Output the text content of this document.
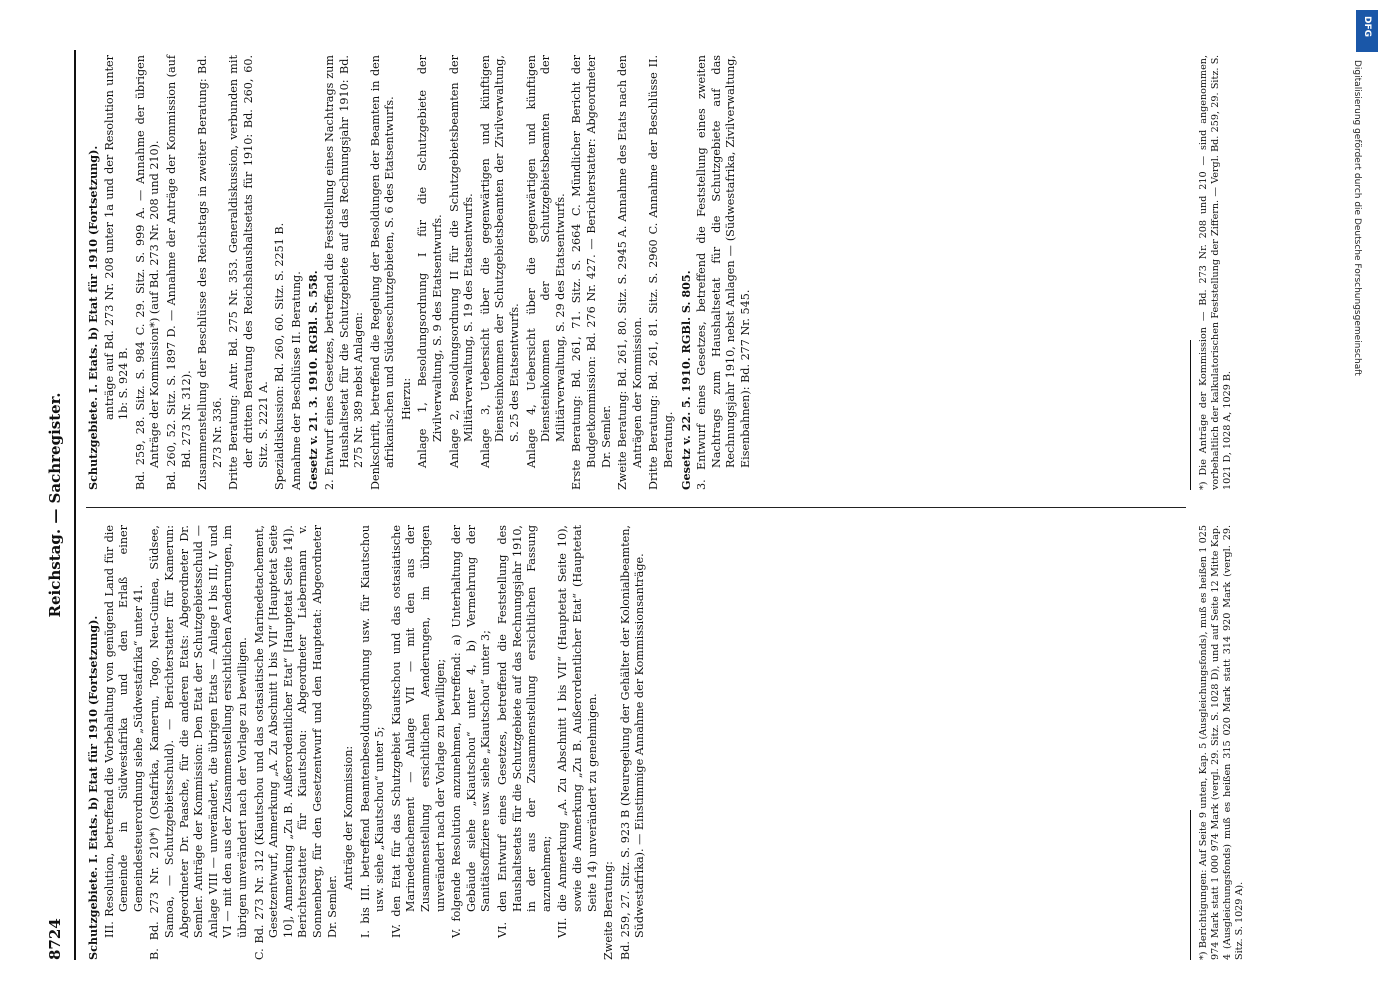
8724
Reichstag. — Sachregister.
Schutzgebiete. I. Etats. b) Etat für 1910 (Fortsetzung). III. Resolution, betreffend die Vorbehaltung von genügend Land für die Gemeinde in Südwestafrika und den Erlaß einer Gemeindesteuerordnung siehe „Südwestafrika“ unter 41. B. Bd. 273 Nr. 210*) (Ostafrika, Kamerun, Togo, Neu-Guinea, Südsee, Samoa, — Schutzgebietsschuld). — Berichterstatter für Kamerun: Abgeordneter Dr. Paasche, für die anderen Etats: Abgeordneter Dr. Semler. Anträge der Kommission: Den Etat der Schutzgebietsschuld — Anlage VIII — unverändert, die übrigen Etats — Anlage I bis III, V und VI — mit den aus der Zusammenstellung ersichtlichen Aenderungen, im übrigen unverändert nach der Vorlage zu bewilligen. C. Bd. 273 Nr. 312 (Kiautschou und das ostasiatische Marinedetachement, Gesetzentwurf, Anmerkung „A. Zu Abschnitt I bis VII“ [Hauptetat Seite 10], Anmerkung „Zu B. Außerordentlicher Etat“ [Hauptetat Seite 14]). Berichterstatter für Kiautschou: Abgeordneter Liebermann v. Sonnenberg, für den Gesetzentwurf und den Hauptetat: Abgeordneter Dr. Semler.
Anträge der Kommission: I. bis III. betreffend Beamtenbesoldungsordnung usw. für Kiautschou usw. siehe „Kiautschou“ unter 5; IV. den Etat für das Schutzgebiet Kiautschou und das ostasiatische Marinedetachement — Anlage VII — mit den aus der Zusammenstellung ersichtlichen Aenderungen, im übrigen unverändert nach der Vorlage zu bewilligen; V. folgende Resolution anzunehmen, betreffend: a) Unterhaltung der Gebäude siehe „Kiautschou“ unter 4, b) Vermehrung der Sanitätsoffiziere usw. siehe „Kiautschou“ unter 3; VI. den Entwurf eines Gesetzes, betreffend die Feststellung des Haushaltsetats für die Schutzgebiete auf das Rechnungsjahr 1910, in der aus der Zusammenstellung ersichtlichen Fassung anzunehmen; VII. die Anmerkung „A. Zu Abschnitt I bis VII“ (Hauptetat Seite 10), sowie die Anmerkung „Zu B. Außerordentlicher Etat“ (Hauptetat Seite 14) unverändert zu genehmigen. Zweite Beratung: Bd. 259, 27. Sitz. S. 923 B (Neuregelung der Gehälter der Kolonialbeamten, Südwestafrika). — Einstimmige Annahme der Kommissionsanträge.
Schutzgebiete. I. Etats. b) Etat für 1910 (Fortsetzung). anträge auf Bd. 273 Nr. 208 unter 1a und der Resolution unter 1b: S. 924 B. Bd. 259, 28. Sitz. S. 984 C. 29. Sitz. S. 999 A. — Annahme der übrigen Anträge der Kommission*) (auf Bd. 273 Nr. 208 und 210). Bd. 260, 52. Sitz. S. 1897 D. — Annahme der Anträge der Kommission (auf Bd. 273 Nr. 312). Zusammenstellung der Beschlüsse des Reichstags in zweiter Beratung: Bd. 273 Nr. 336. Dritte Beratung: Antr. Bd. 275 Nr. 353. Generaldiskussion, verbunden mit der dritten Beratung des Reichshaushaltsetats für 1910: Bd. 260, 60. Sitz. S. 2221 A. Spezialdiskussion: Bd. 260, 60. Sitz. S. 2251 B. Annahme der Beschlüsse II. Beratung. Gesetz v. 21. 3. 1910. RGBl. S. 558. 2. Entwurf eines Gesetzes, betreffend die Feststellung eines Nachtrags zum Haushaltsetat für die Schutzgebiete auf das Rechnungsjahr 1910: Bd. 275 Nr. 389 nebst Anlagen: Denkschrift, betreffend die Regelung der Besoldungen der Beamten in den afrikanischen und Südseeschutzgebieten, S. 6 des Etatsentwurfs. Hierzu: Anlage 1, Besoldungsordnung I für die Schutzgebiete der Zivilverwaltung, S. 9 des Etatsentwurfs. Anlage 2, Besoldungsordnung II für die Schutzgebietsbeamten der Militärverwaltung, S. 19 des Etatsentwurfs. Anlage 3, Uebersicht über die gegenwärtigen und künftigen Diensteinkommen der Schutzgebietsbeamten der Zivilverwaltung, S. 25 des Etatsentwurfs. Anlage 4, Uebersicht über die gegenwärtigen und künftigen Diensteinkommen der Schutzgebietsbeamten der Militärverwaltung, S. 29 des Etatsentwurfs. Erste Beratung: Bd. 261, 71. Sitz. S. 2664 C. Mündlicher Bericht der Budgetkommission: Bd. 276 Nr. 427. — Berichterstatter: Abgeordneter Dr. Semler. Zweite Beratung: Bd. 261, 80. Sitz. S. 2945 A. Annahme des Etats nach den Anträgen der Kommission. Dritte Beratung: Bd. 261, 81. Sitz. S. 2960 C. Annahme der Beschlüsse II. Beratung. Gesetz v. 22. 5. 1910. RGBl. S. 805. 3. Entwurf eines Gesetzes, betreffend die Feststellung eines zweiten Nachtrags zum Haushaltsetat für die Schutzgebiete auf das Rechnungsjahr 1910, nebst Anlagen — (Südwestafrika, Zivilverwaltung, Eisenbahnen): Bd. 277 Nr. 545.
*) Berichtigungen: Auf Seite 9 unten, Kap. 5 (Ausgleichungsfonds), muß es heißen 1 025 974 Mark statt 1 000 974 Mark (vergl. 29. Sitz. S. 1028 D), und auf Seite 12 Mitte Kap. 4 (Ausgleichungsfonds) muß es heißen 315 020 Mark statt 314 920 Mark (vergl. 29. Sitz. S. 1029 A).
*) Die Anträge der Kommission — Bd. 273 Nr. 208 und 210 — sind angenommen, vorbehaltlich der kalkulatorischen Feststellung der Ziffern. — Vergl. Bd. 259, 29. Sitz. S. 1021 D, 1028 A, 1029 B.
DFG
Digitalisierung gefördert durch die Deutsche Forschungsgemeinschaft
